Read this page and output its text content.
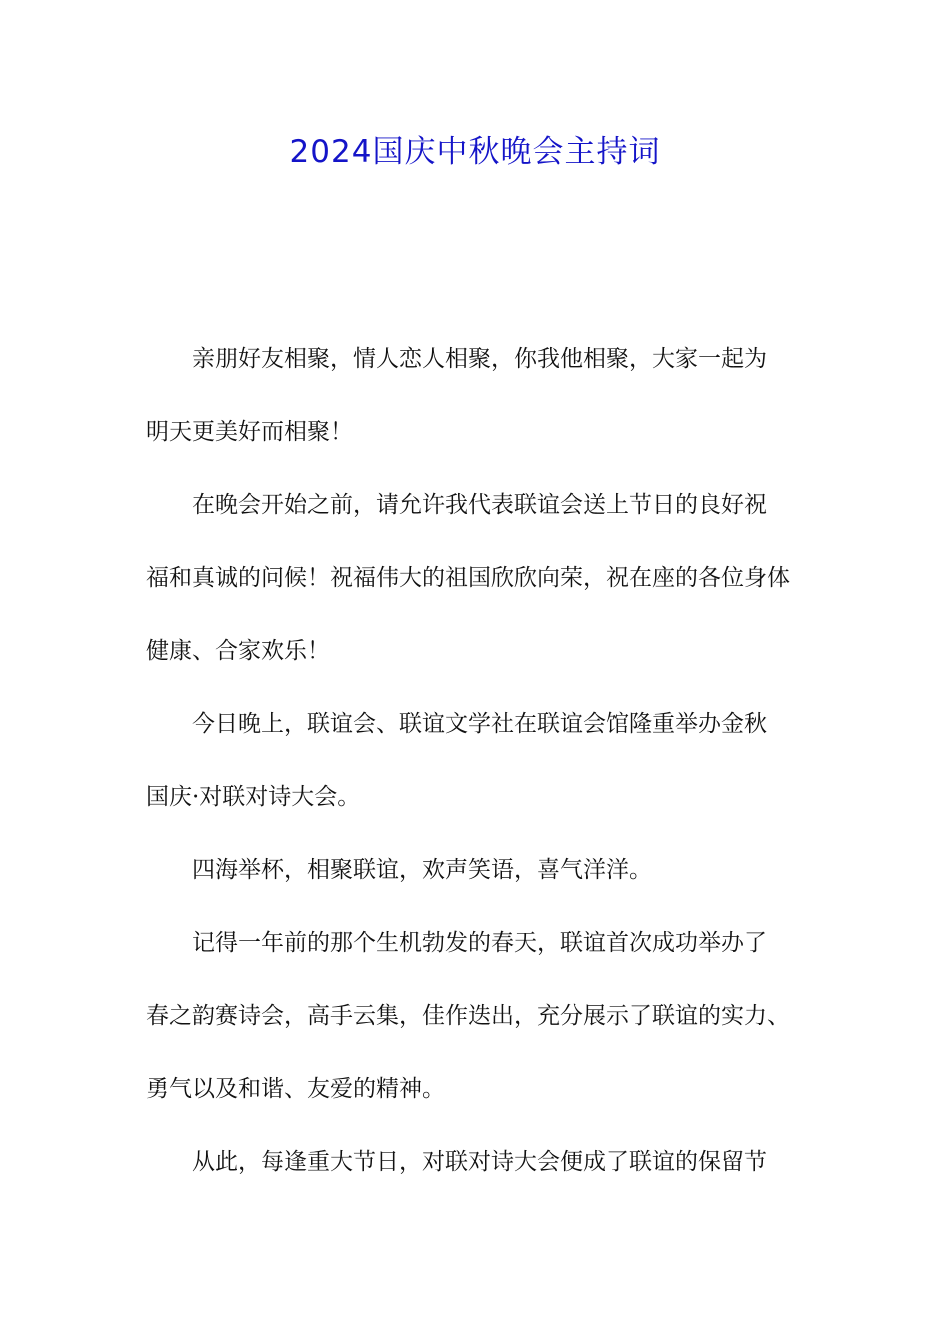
2024国庆中秋晚会主持词
亲朋好友相聚，情人恋人相聚，你我他相聚，大家一起为
明天更美好而相聚！
在晚会开始之前，请允许我代表联谊会送上节日的良好祝
福和真诚的问候！祝福伟大的祖国欣欣向荣，祝在座的各位身体
健康、合家欢乐！
今日晚上，联谊会、联谊文学社在联谊会馆隆重举办金秋
国庆·对联对诗大会。
四海举杯，相聚联谊，欢声笑语，喜气洋洋。
记得一年前的那个生机勃发的春天，联谊首次成功举办了
春之韵赛诗会，高手云集，佳作迭出，充分展示了联谊的实力、
勇气以及和谐、友爱的精神。
从此，每逢重大节日，对联对诗大会便成了联谊的保留节
